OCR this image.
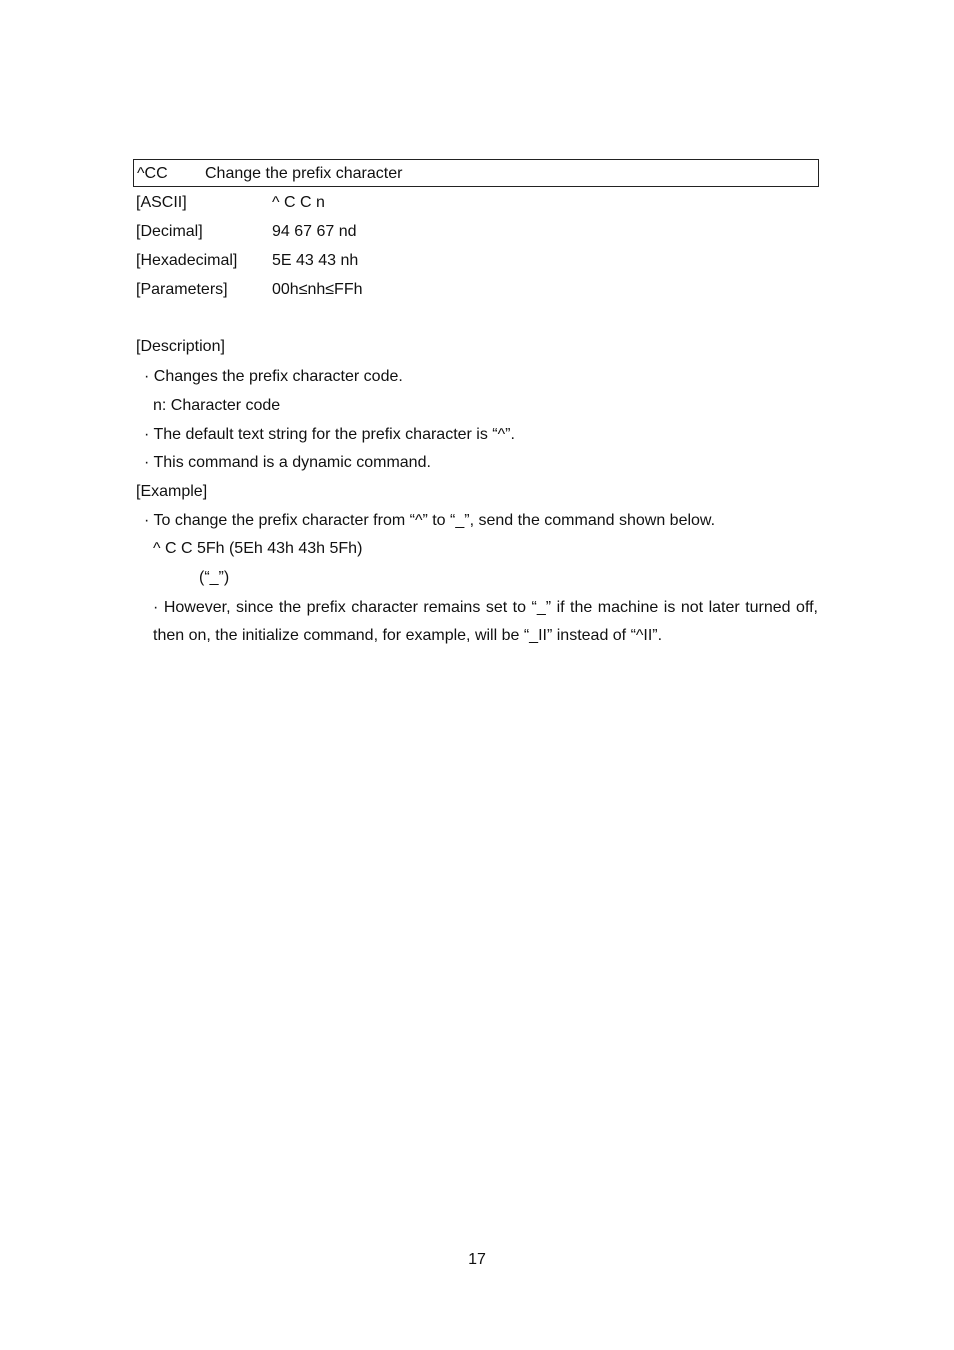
^CC Change the prefix character
[ASCII]	^ C C n
[Decimal]	94 67 67 nd
[Hexadecimal] 5E 43 43 nh
[Parameters]	00h≤nh≤FFh
[Description]
· Changes the prefix character code.
n: Character code
· The default text string for the prefix character is “^”.
· This command is a dynamic command.
[Example]
· To change the prefix character from “^” to “_”, send the command shown below.
^ C C 5Fh (5Eh 43h 43h 5Fh)
(“_”)
· However, since the prefix character remains set to “_” if the machine is not later turned off, then on, the initialize command, for example, will be “_II” instead of “^II”.
17
